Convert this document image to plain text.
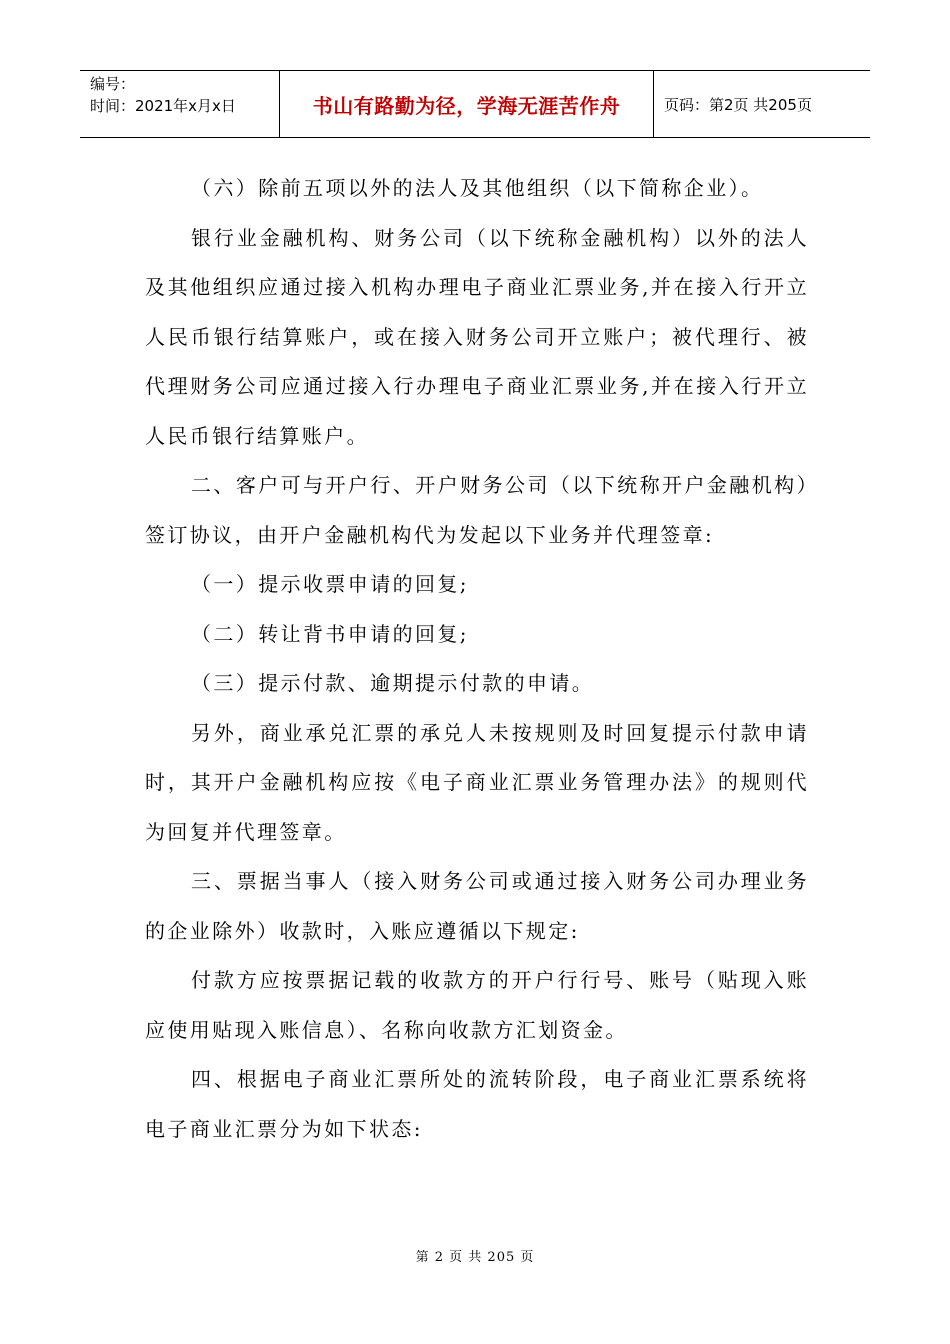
编号：
时间：2021年x月x日	书山有路勤为径，学海无涯苦作舟	页码：第2页 共205页

（六）除前五项以外的法人及其他组织（以下简称企业）。

银行业金融机构、财务公司（以下统称金融机构）以外的法人及其他组织应通过接入机构办理电子商业汇票业务,并在接入行开立人民币银行结算账户，或在接入财务公司开立账户；被代理行、被代理财务公司应通过接入行办理电子商业汇票业务,并在接入行开立人民币银行结算账户。

二、客户可与开户行、开户财务公司（以下统称开户金融机构）签订协议，由开户金融机构代为发起以下业务并代理签章:

（一）提示收票申请的回复;

（二）转让背书申请的回复;

（三）提示付款、逾期提示付款的申请。

另外，商业承兑汇票的承兑人未按规则及时回复提示付款申请时，其开户金融机构应按《电子商业汇票业务管理办法》的规则代为回复并代理签章。

三、票据当事人（接入财务公司或通过接入财务公司办理业务的企业除外）收款时，入账应遵循以下规定:

付款方应按票据记载的收款方的开户行行号、账号（贴现入账应使用贴现入账信息）、名称向收款方汇划资金。

四、根据电子商业汇票所处的流转阶段，电子商业汇票系统将电子商业汇票分为如下状态:

第 2 页 共 205 页
